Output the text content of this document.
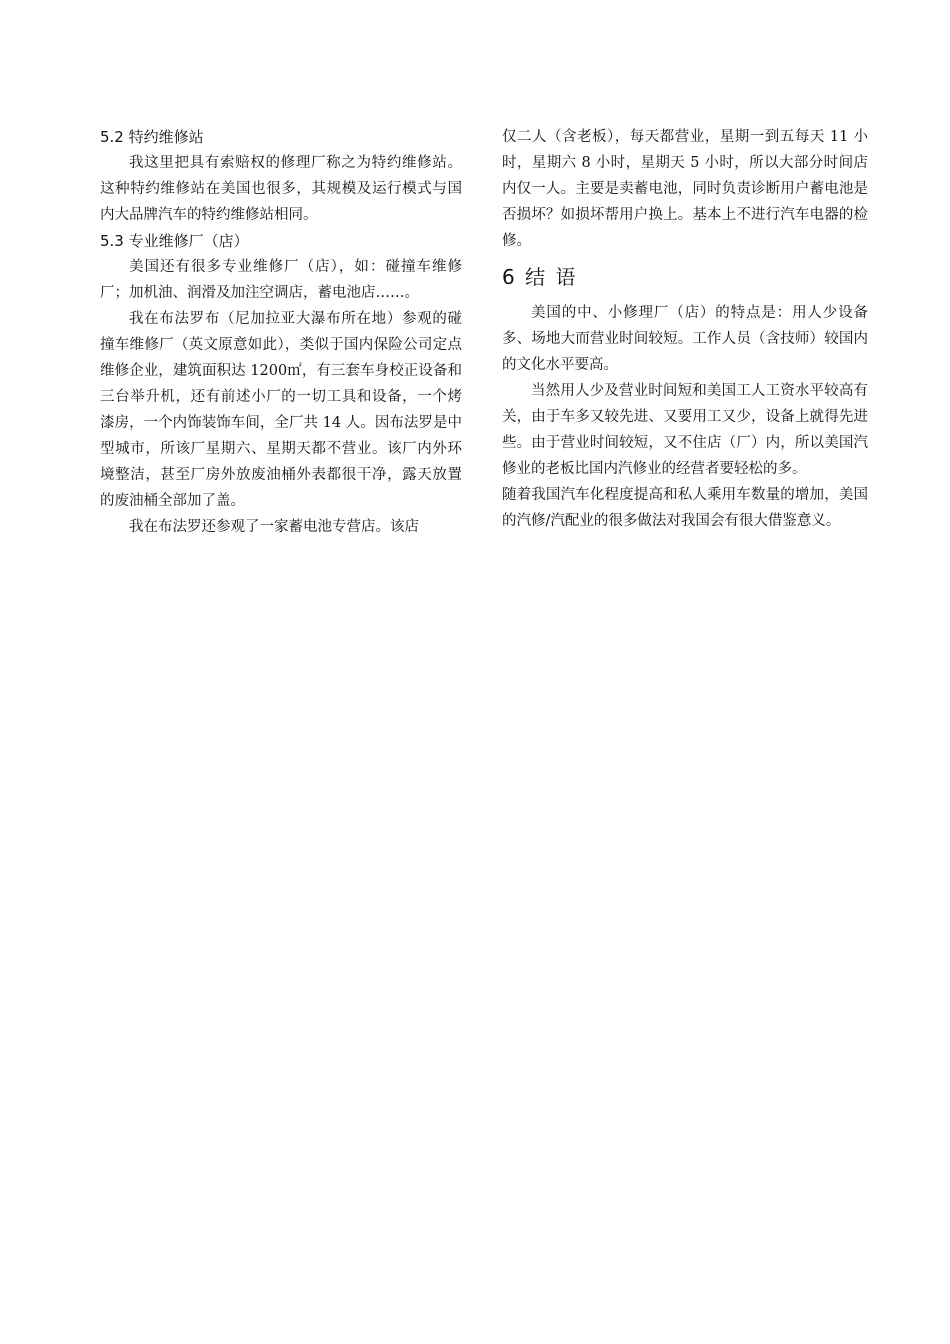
5.2 特约维修站

我这里把具有索赔权的修理厂称之为特约维修站。这种特约维修站在美国也很多，其规模及运行模式与国内大品牌汽车的特约维修站相同。

5.3 专业维修厂（店）

美国还有很多专业维修厂（店），如：碰撞车维修厂；加机油、润滑及加注空调店，蓄电池店……。

我在布法罗布（尼加拉亚大瀑布所在地）参观的碰撞车维修厂（英文原意如此），类似于国内保险公司定点维修企业，建筑面积达 1200㎡，有三套车身校正设备和三台举升机，还有前述小厂的一切工具和设备，一个烤漆房，一个内饰装饰车间，全厂共 14 人。因布法罗是中型城市，所该厂星期六、星期天都不营业。该厂内外环境整洁，甚至厂房外放废油桶外表都很干净，露天放置的废油桶全部加了盖。

我在布法罗还参观了一家蓄电池专营店。该店

仅二人（含老板），每天都营业，星期一到五每天 11 小时，星期六 8 小时，星期天 5 小时，所以大部分时间店内仅一人。主要是卖蓄电池，同时负责诊断用户蓄电池是否损坏？如损坏帮用户换上。基本上不进行汽车电器的检修。

6 结 语

美国的中、小修理厂（店）的特点是：用人少设备多、场地大而营业时间较短。工作人员（含技师）较国内的文化水平要高。

当然用人少及营业时间短和美国工人工资水平较高有关，由于车多又较先进、又要用工又少，设备上就得先进些。由于营业时间较短，又不住店（厂）内，所以美国汽修业的老板比国内汽修业的经营者要轻松的多。

随着我国汽车化程度提高和私人乘用车数量的增加，美国的汽修/汽配业的很多做法对我国会有很大借鉴意义。
